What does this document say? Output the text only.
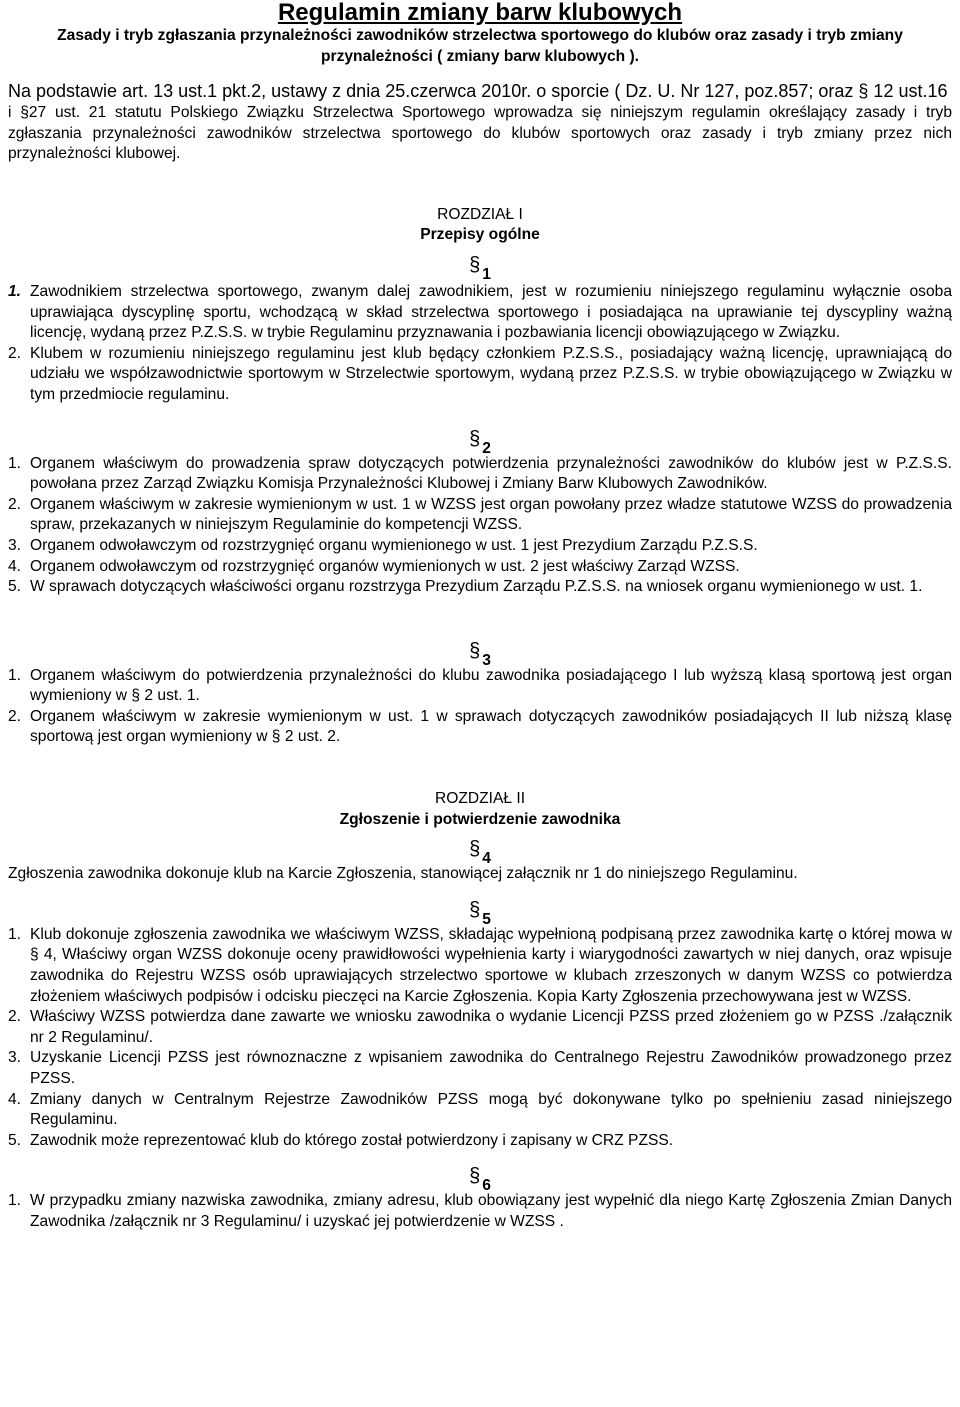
Regulamin zmiany barw klubowych
Zasady i tryb zgłaszania przynależności zawodników strzelectwa sportowego do klubów oraz zasady i tryb zmiany przynależności ( zmiany barw klubowych ).
Na podstawie art. 13 ust.1 pkt.2, ustawy z dnia 25.czerwca 2010r. o sporcie ( Dz. U. Nr 127, poz.857; oraz § 12 ust.16
i §27 ust. 21 statutu Polskiego Związku Strzelectwa Sportowego wprowadza się niniejszym regulamin określający zasady i tryb zgłaszania przynależności zawodników strzelectwa sportowego do klubów sportowych oraz zasady i tryb zmiany przez nich przynależności klubowej.
ROZDZIAŁ I
Przepisy ogólne
§ 1
1. Zawodnikiem strzelectwa sportowego, zwanym dalej zawodnikiem, jest w rozumieniu niniejszego regulaminu wyłącznie osoba uprawiająca dyscyplinę sportu, wchodzącą w skład strzelectwa sportowego i posiadająca na uprawianie tej dyscypliny ważną licencję, wydaną przez P.Z.S.S. w trybie Regulaminu przyznawania i pozbawiania licencji obowiązującego w Związku.
2. Klubem w rozumieniu niniejszego regulaminu jest klub będący członkiem P.Z.S.S., posiadający ważną licencję, uprawniającą do udziału we współzawodnictwie sportowym w Strzelectwie sportowym, wydaną przez P.Z.S.S. w trybie obowiązującego w Związku w tym przedmiocie regulaminu.
§ 2
1. Organem właściwym do prowadzenia spraw dotyczących potwierdzenia przynależności zawodników do klubów jest w P.Z.S.S. powołana przez Zarząd Związku Komisja Przynależności Klubowej i Zmiany Barw Klubowych Zawodników.
2. Organem właściwym w zakresie wymienionym w ust. 1 w WZSS jest organ powołany przez władze statutowe WZSS do prowadzenia spraw, przekazanych w niniejszym Regulaminie do kompetencji WZSS.
3. Organem odwoławczym od rozstrzygnięć organu wymienionego w ust. 1 jest Prezydium Zarządu P.Z.S.S.
4. Organem odwoławczym od rozstrzygnięć organów wymienionych w ust. 2 jest właściwy Zarząd WZSS.
5. W sprawach dotyczących właściwości organu rozstrzyga Prezydium Zarządu P.Z.S.S. na wniosek organu wymienionego w ust. 1.
§ 3
1. Organem właściwym do potwierdzenia przynależności do klubu zawodnika posiadającego I lub wyższą klasą sportową jest organ wymieniony w § 2 ust. 1.
2. Organem właściwym w zakresie wymienionym w ust. 1 w sprawach dotyczących zawodników posiadających II lub niższą klasę sportową jest organ wymieniony w § 2 ust. 2.
ROZDZIAŁ II
Zgłoszenie i potwierdzenie zawodnika
§ 4
Zgłoszenia zawodnika dokonuje klub na Karcie Zgłoszenia, stanowiącej załącznik nr 1 do niniejszego Regulaminu.
§ 5
1. Klub dokonuje zgłoszenia zawodnika we właściwym WZSS, składając wypełnioną podpisaną przez zawodnika kartę o której mowa w § 4, Właściwy organ WZSS dokonuje oceny prawidłowości wypełnienia karty i wiarygodności zawartych w niej danych, oraz wpisuje zawodnika do Rejestru WZSS osób uprawiających strzelectwo sportowe w klubach zrzeszonych w danym WZSS co potwierdza złożeniem właściwych podpisów i odcisku pieczęci na Karcie Zgłoszenia. Kopia Karty Zgłoszenia przechowywana jest w WZSS.
2. Właściwy WZSS potwierdza dane zawarte we wniosku zawodnika o wydanie Licencji PZSS przed złożeniem go w PZSS ./załącznik nr 2 Regulaminu/.
3. Uzyskanie Licencji PZSS jest równoznaczne z wpisaniem zawodnika do Centralnego Rejestru Zawodników prowadzonego przez PZSS.
4. Zmiany danych w Centralnym Rejestrze Zawodników PZSS mogą być dokonywane tylko po spełnieniu zasad niniejszego Regulaminu.
5. Zawodnik może reprezentować klub do którego został potwierdzony i zapisany w CRZ PZSS.
§ 6
1. W przypadku zmiany nazwiska zawodnika, zmiany adresu, klub obowiązany jest wypełnić dla niego Kartę Zgłoszenia Zmian Danych Zawodnika /załącznik nr 3 Regulaminu/ i uzyskać jej potwierdzenie w WZSS .
